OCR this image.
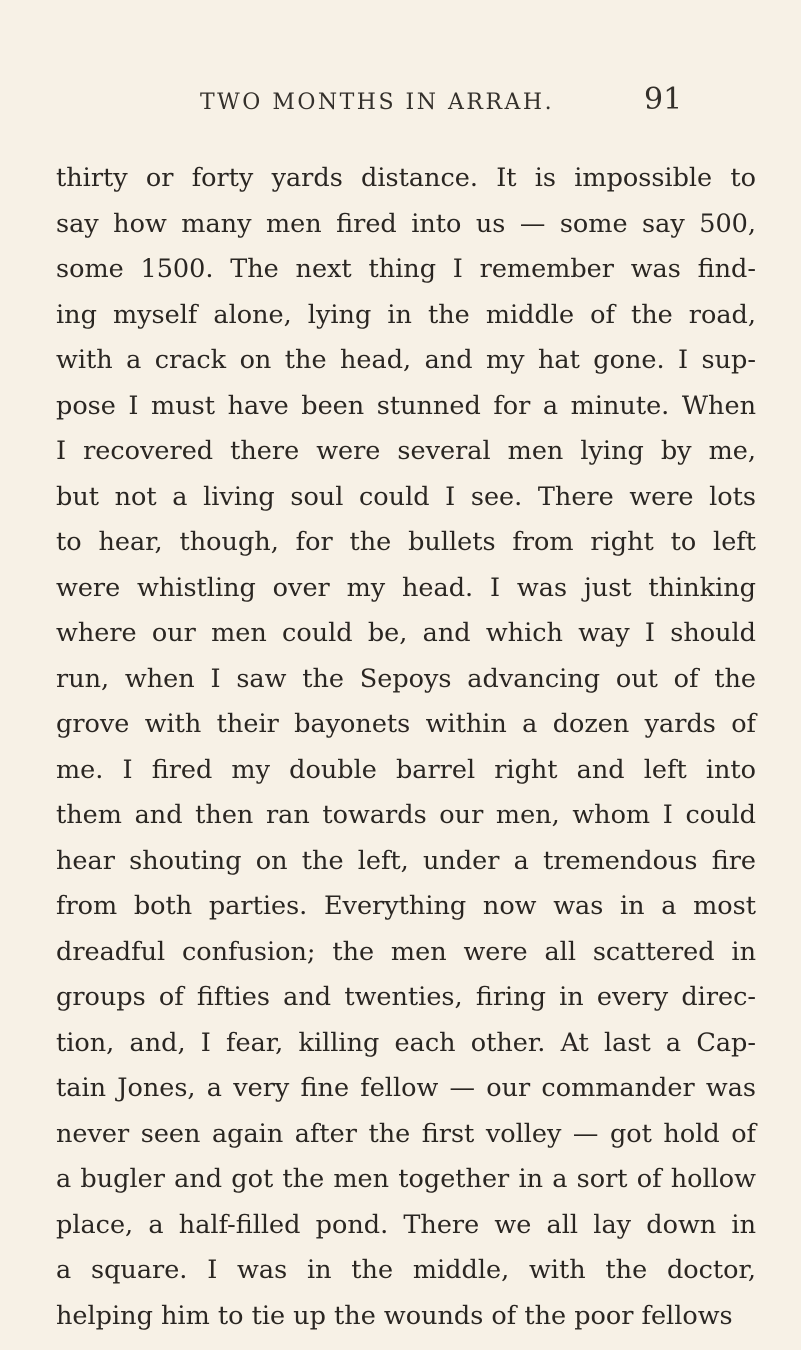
TWO MONTHS IN ARRAH.	91
thirty or forty yards distance. It is impossible to
say how many men fired into us — some say 500,
some 1500. The next thing I remember was find-
ing myself alone, lying in the middle of the road,
with a crack on the head, and my hat gone. I sup-
pose I must have been stunned for a minute. When
I recovered there were several men lying by me,
but not a living soul could I see. There were lots
to hear, though, for the bullets from right to left
were whistling over my head. I was just thinking
where our men could be, and which way I should
run, when I saw the Sepoys advancing out of the
grove with their bayonets within a dozen yards of
me. I fired my double barrel right and left into
them and then ran towards our men, whom I could
hear shouting on the left, under a tremendous fire
from both parties. Everything now was in a most
dreadful confusion; the men were all scattered in
groups of fifties and twenties, firing in every direc-
tion, and, I fear, killing each other. At last a Cap-
tain Jones, a very fine fellow — our commander was
never seen again after the first volley — got hold of
a bugler and got the men together in a sort of hollow
place, a half-filled pond. There we all lay down in
a square. I was in the middle, with the doctor,
helping him to tie up the wounds of the poor fellows
